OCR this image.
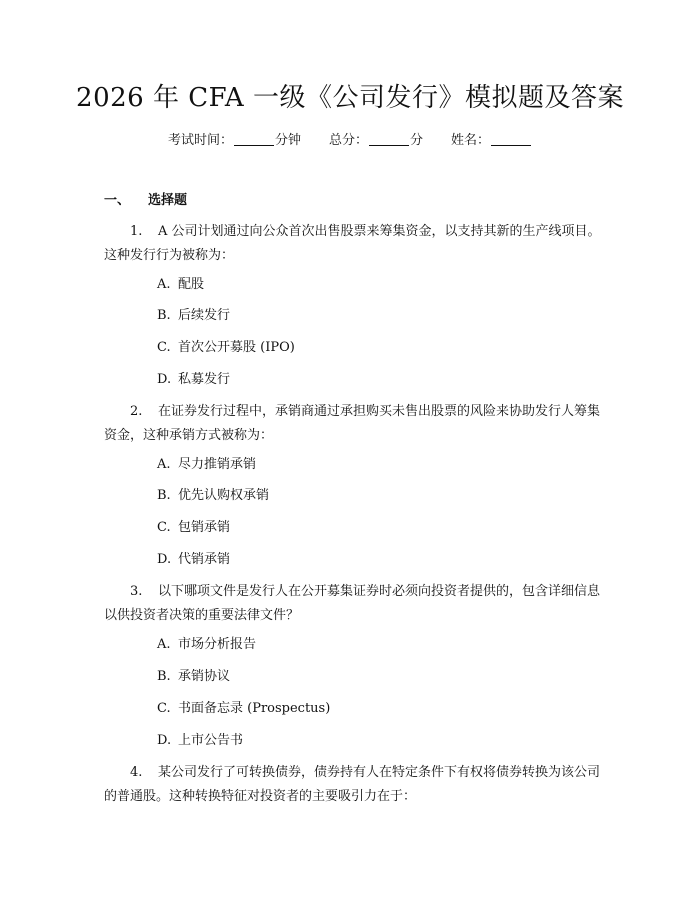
2026 年 CFA 一级《公司发行》模拟题及答案
考试时间：	分钟 总分：	分 姓名：
一、 选择题

1. A 公司计划通过向公众首次出售股票来筹集资金，以支持其新的生产线项目。这种发行行为被称为：

A. 配股

B. 后续发行

C. 首次公开募股 (IPO)

D. 私募发行

2. 在证券发行过程中，承销商通过承担购买未售出股票的风险来协助发行人筹集资金，这种承销方式被称为：

A. 尽力推销承销

B. 优先认购权承销

C. 包销承销

D. 代销承销

3. 以下哪项文件是发行人在公开募集证券时必须向投资者提供的，包含详细信息以供投资者决策的重要法律文件？

A. 市场分析报告

B. 承销协议

C. 书面备忘录 (Prospectus)

D. 上市公告书

4. 某公司发行了可转换债券，债券持有人在特定条件下有权将债券转换为该公司的普通股。这种转换特征对投资者的主要吸引力在于：
